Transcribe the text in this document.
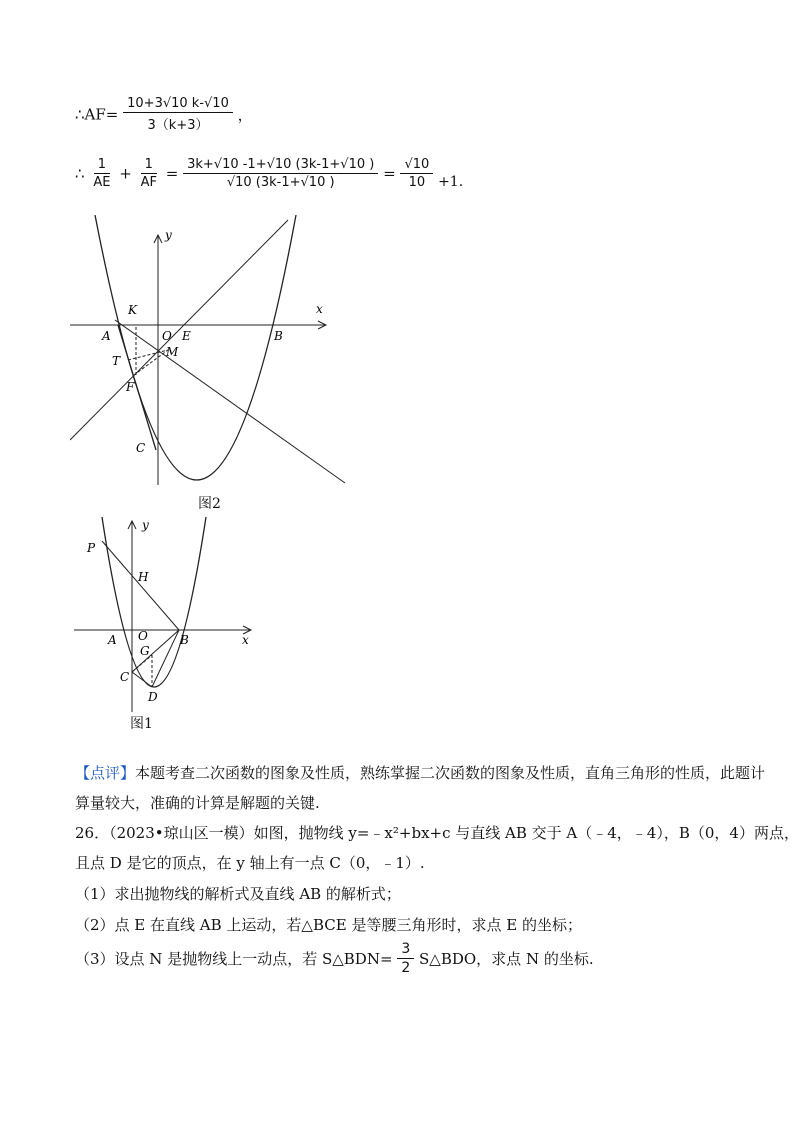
∴AF= $\frac{10+3√10 k-√10}{3(k+3)}$ ，
∴ $\frac{1}{AE} + \frac{1}{AF} = \frac{3k+√10 -1+√10 (3k-1+√10 )}{√10 (3k-1+√10 )} = \frac{√10}{10} +1$.
y
x
K
O E
A	B
T
M
F
C
图2
y
P
H
A O	B	x
G
C
D
图1
【点评】本题考查二次函数的图象及性质，熟练掌握二次函数的图象及性质，直角三角形的性质，此题计
算量较大，准确的计算是解题的关键.
26．（2023•琼山区一模）如图，抛物线 y=﹣x²+bx+c 与直线 AB 交于 A（﹣4，﹣4），B（0，4）两点，
且点 D 是它的顶点，在 y 轴上有一点 C（0，﹣1）.
（1）求出抛物线的解析式及直线 AB 的解析式；
（2）点 E 在直线 AB 上运动，若△BCE 是等腰三角形时，求点 E 的坐标；
（3）设点 N 是抛物线上一动点，若 S△BDN= $\frac{3}{2}$ S△BDO，求点 N 的坐标.
